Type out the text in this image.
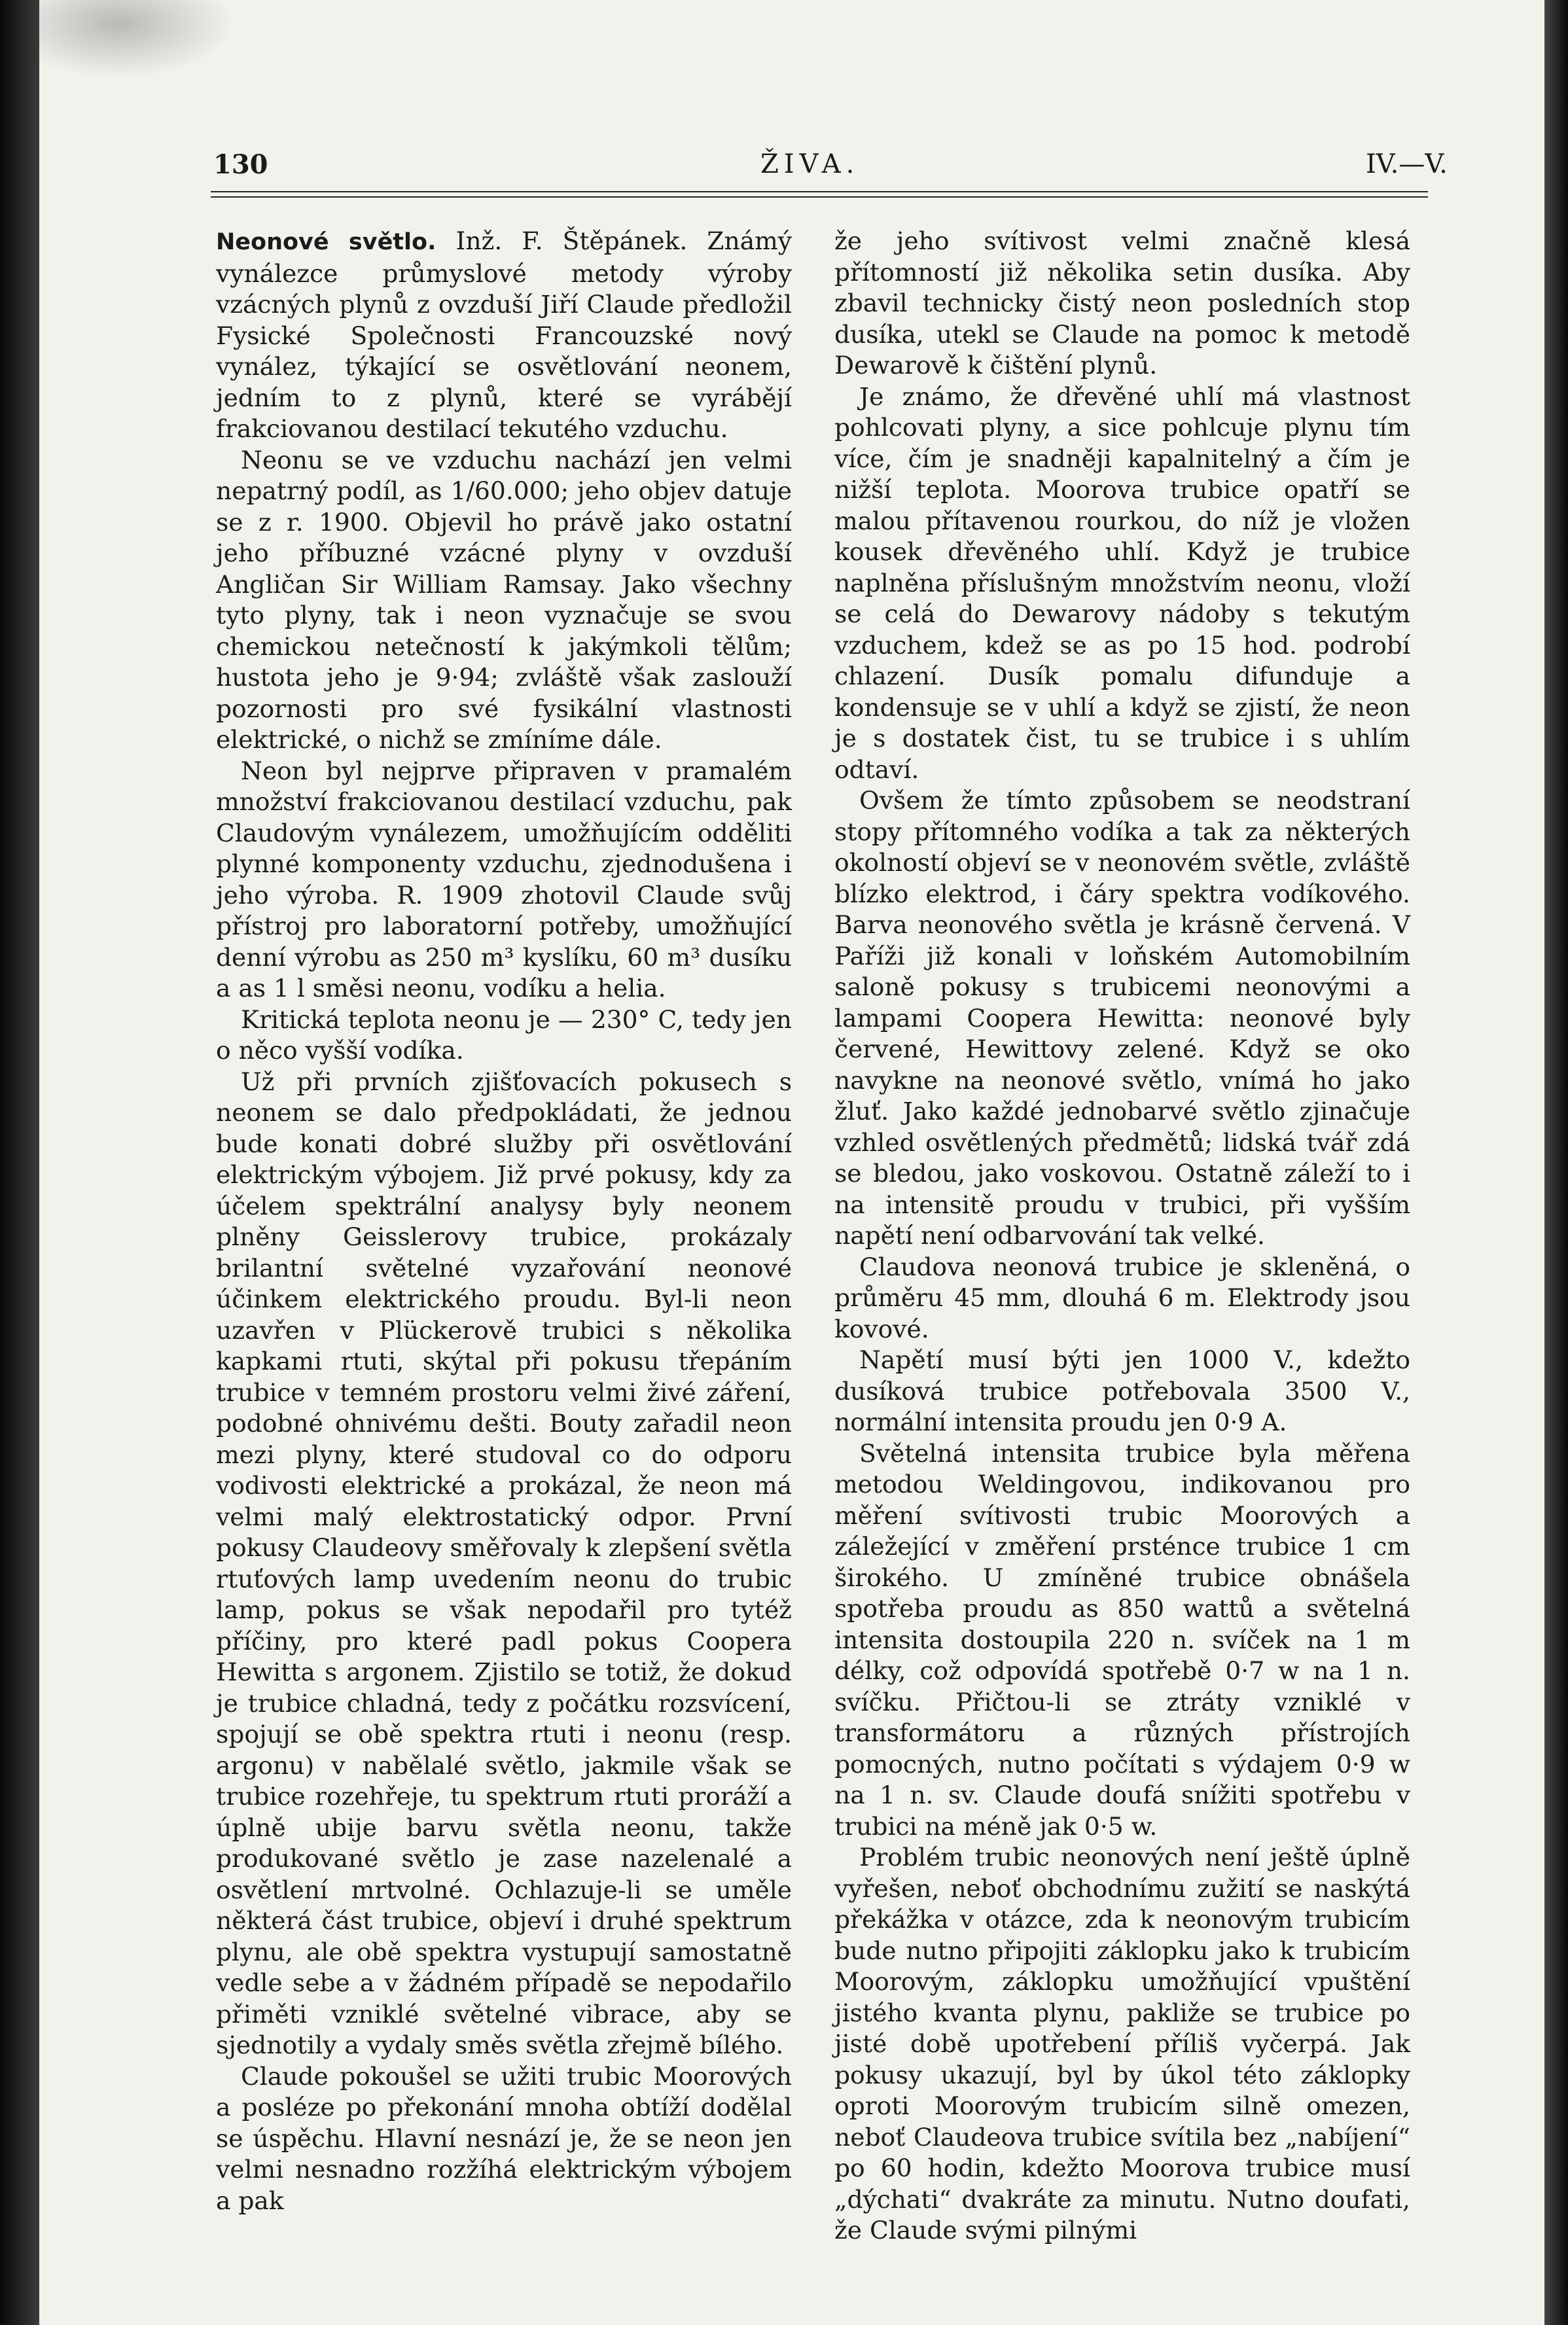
130	ŽIVA.	IV.—V.

Neonové světlo. Inž. F. Štěpánek. Známý vynálezce průmyslové metody výroby vzácných plynů z ovzduší Jiří Claude předložil Fysické Společnosti Francouzské nový vynález, týkající se osvětlování neonem, jedním to z plynů, které se vyrábějí frakciovanou destilací tekutého vzduchu.

Neonu se ve vzduchu nachází jen velmi nepatrný podíl, as 1/60.000; jeho objev datuje se z r. 1900. Objevil ho právě jako ostatní jeho příbuzné vzácné plyny v ovzduší Angličan Sir William Ramsay. Jako všechny tyto plyny, tak i neon vyznačuje se svou chemickou netečností k jakýmkoli tělům; hustota jeho je 9·94; zvláště však zaslouží pozornosti pro své fysikální vlastnosti elektrické, o nichž se zmíníme dále.

Neon byl nejprve připraven v pramalém množství frakciovanou destilací vzduchu, pak Claudovým vynálezem, umožňujícím odděliti plynné komponenty vzduchu, zjednodušena i jeho výroba. R. 1909 zhotovil Claude svůj přístroj pro laboratorní potřeby, umožňující denní výrobu as 250 m³ kyslíku, 60 m³ dusíku a as 1 l směsi neonu, vodíku a helia.

Kritická teplota neonu je — 230° C, tedy jen o něco vyšší vodíka.

Už při prvních zjišťovacích pokusech s neonem se dalo předpokládati, že jednou bude konati dobré služby při osvětlování elektrickým výbojem. Již prvé pokusy, kdy za účelem spektrální analysy byly neonem plněny Geisslerovy trubice, prokázaly brilantní světelné vyzařování neonové účinkem elektrického proudu. Byl-li neon uzavřen v Plückerově trubici s několika kapkami rtuti, skýtal při pokusu třepáním trubice v temném prostoru velmi živé záření, podobné ohnivému dešti. Bouty zařadil neon mezi plyny, které studoval co do odporu vodivosti elektrické a prokázal, že neon má velmi malý elektrostatický odpor. První pokusy Claudeovy směřovaly k zlepšení světla rtuťových lamp uvedením neonu do trubic lamp, pokus se však nepodařil pro tytéž příčiny, pro které padl pokus Coopera Hewitta s argonem. Zjistilo se totiž, že dokud je trubice chladná, tedy z počátku rozsvícení, spojují se obě spektra rtuti i neonu (resp. argonu) v nabělalé světlo, jakmile však se trubice rozehřeje, tu spektrum rtuti proráží a úplně ubije barvu světla neonu, takže produkované světlo je zase nazelenalé a osvětlení mrtvolné. Ochlazuje-li se uměle některá část trubice, objeví i druhé spektrum plynu, ale obě spektra vystupují samostatně vedle sebe a v žádném případě se nepodařilo přiměti vzniklé světelné vibrace, aby se sjednotily a vydaly směs světla zřejmě bílého.

Claude pokoušel se užiti trubic Moorových a posléze po překonání mnoha obtíží dodělal se úspěchu. Hlavní nesnází je, že se neon jen velmi nesnadno rozžíhá elektrickým výbojem a pak

že jeho svítivost velmi značně klesá přítomností již několika setin dusíka. Aby zbavil technicky čistý neon posledních stop dusíka, utekl se Claude na pomoc k metodě Dewarově k čištění plynů.

Je známo, že dřevěné uhlí má vlastnost pohlcovati plyny, a sice pohlcuje plynu tím více, čím je snadněji kapalnitelný a čím je nižší teplota. Moorova trubice opatří se malou přítavenou rourkou, do níž je vložen kousek dřevěného uhlí. Když je trubice naplněna příslušným množstvím neonu, vloží se celá do Dewarovy nádoby s tekutým vzduchem, kdež se as po 15 hod. podrobí chlazení. Dusík pomalu difunduje a kondensuje se v uhlí a když se zjistí, že neon je s dostatek čist, tu se trubice i s uhlím odtaví.

Ovšem že tímto způsobem se neodstraní stopy přítomného vodíka a tak za některých okolností objeví se v neonovém světle, zvláště blízko elektrod, i čáry spektra vodíkového. Barva neonového světla je krásně červená. V Paříži již konali v loňském Automobilním saloně pokusy s trubicemi neonovými a lampami Coopera Hewitta: neonové byly červené, Hewittovy zelené. Když se oko navykne na neonové světlo, vnímá ho jako žluť. Jako každé jednobarvé světlo zjinačuje vzhled osvětlených předmětů; lidská tvář zdá se bledou, jako voskovou. Ostatně záleží to i na intensitě proudu v trubici, při vyšším napětí není odbarvování tak velké.

Claudova neonová trubice je skleněná, o průměru 45 mm, dlouhá 6 m. Elektrody jsou kovové.

Napětí musí býti jen 1000 V., kdežto dusíková trubice potřebovala 3500 V., normální intensita proudu jen 0·9 A.

Světelná intensita trubice byla měřena metodou Weldingovou, indikovanou pro měření svítivosti trubic Moorových a záležející v změření prsténce trubice 1 cm širokého. U zmíněné trubice obnášela spotřeba proudu as 850 wattů a světelná intensita dostoupila 220 n. svíček na 1 m délky, což odpovídá spotřebě 0·7 w na 1 n. svíčku. Přičtou-li se ztráty vzniklé v transformátoru a různých přístrojích pomocných, nutno počítati s výdajem 0·9 w na 1 n. sv. Claude doufá snížiti spotřebu v trubici na méně jak 0·5 w.

Problém trubic neonových není ještě úplně vyřešen, neboť obchodnímu zužití se naskýtá překážka v otázce, zda k neonovým trubicím bude nutno připojiti záklopku jako k trubicím Moorovým, záklopku umožňující vpuštění jistého kvanta plynu, pakliže se trubice po jisté době upotřebení příliš vyčerpá. Jak pokusy ukazují, byl by úkol této záklopky oproti Moorovým trubicím silně omezen, neboť Claudeova trubice svítila bez „nabíjení“ po 60 hodin, kdežto Moorova trubice musí „dýchati“ dvakráte za minutu. Nutno doufati, že Claude svými pilnými
